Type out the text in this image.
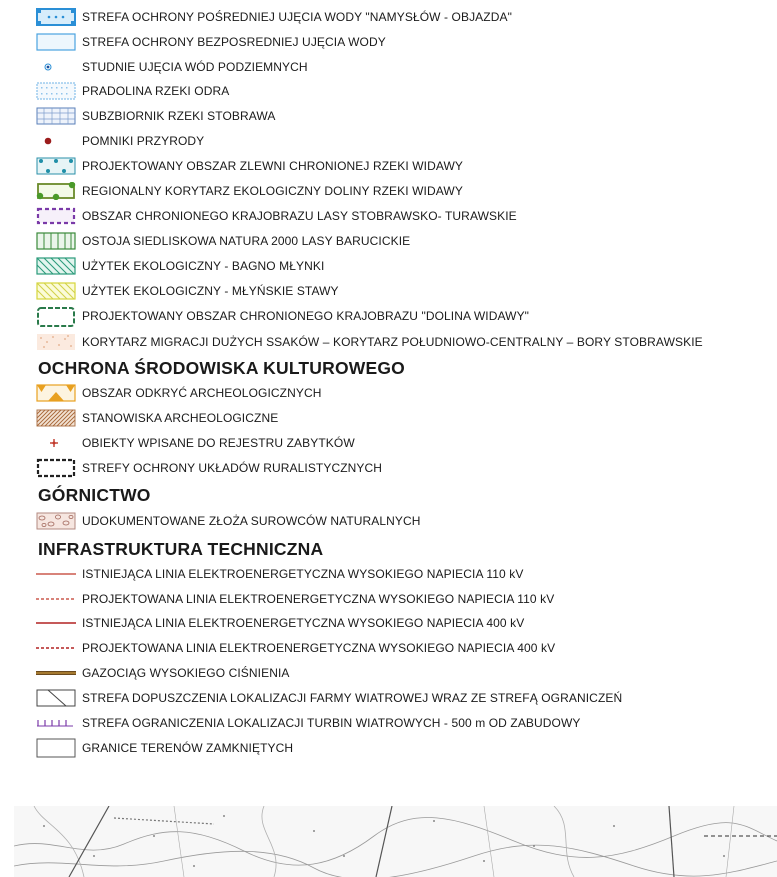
STREFA OCHRONY POŚREDNIEJ UJĘCIA WODY "NAMYSŁÓW - OBJAZDA"
STREFA OCHRONY BEZPOSREDNIEJ UJĘCIA WODY
STUDNIE UJĘCIA WÓD PODZIEMNYCH
PRADOLINA RZEKI ODRA
SUBZBIORNIK RZEKI STOBRAWA
POMNIKI PRZYRODY
PROJEKTOWANY OBSZAR ZLEWNI CHRONIONEJ RZEKI WIDAWY
REGIONALNY KORYTARZ EKOLOGICZNY DOLINY RZEKI WIDAWY
OBSZAR CHRONIONEGO KRAJOBRAZU LASY STOBRAWSKO- TURAWSKIE
OSTOJA SIEDLISKOWA NATURA 2000 LASY BARUCICKIE
UŻYTEK EKOLOGICZNY - BAGNO MŁYNKI
UŻYTEK EKOLOGICZNY - MŁYŃSKIE STAWY
PROJEKTOWANY OBSZAR CHRONIONEGO KRAJOBRAZU "DOLINA WIDAWY"
KORYTARZ MIGRACJI DUŻYCH SSAKÓW – KORYTARZ POŁUDNIOWO-CENTRALNY – BORY STOBRAWSKIE
OCHRONA ŚRODOWISKA KULTUROWEGO
OBSZAR ODKRYĆ ARCHEOLOGICZNYCH
STANOWISKA ARCHEOLOGICZNE
OBIEKTY WPISANE DO REJESTRU ZABYTKÓW
STREFY OCHRONY UKŁADÓW RURALISTYCZNYCH
GÓRNICTWO
UDOKUMENTOWANE ZŁOŻA SUROWCÓW NATURALNYCH
INFRASTRUKTURA TECHNICZNA
ISTNIEJĄCA LINIA ELEKTROENERGETYCZNA WYSOKIEGO NAPIECIA 110 kV
PROJEKTOWANA LINIA ELEKTROENERGETYCZNA WYSOKIEGO NAPIECIA 110 kV
ISTNIEJĄCA LINIA ELEKTROENERGETYCZNA WYSOKIEGO NAPIECIA 400 kV
PROJEKTOWANA LINIA ELEKTROENERGETYCZNA WYSOKIEGO NAPIECIA 400 kV
GAZOCIĄG WYSOKIEGO CIŚNIENIA
STREFA DOPUSZCZENIA LOKALIZACJI FARMY WIATROWEJ WRAZ ZE STREFĄ OGRANICZEŃ
STREFA OGRANICZENIA LOKALIZACJI TURBIN WIATROWYCH - 500 m OD ZABUDOWY
GRANICE TERENÓW ZAMKNIĘTYCH
